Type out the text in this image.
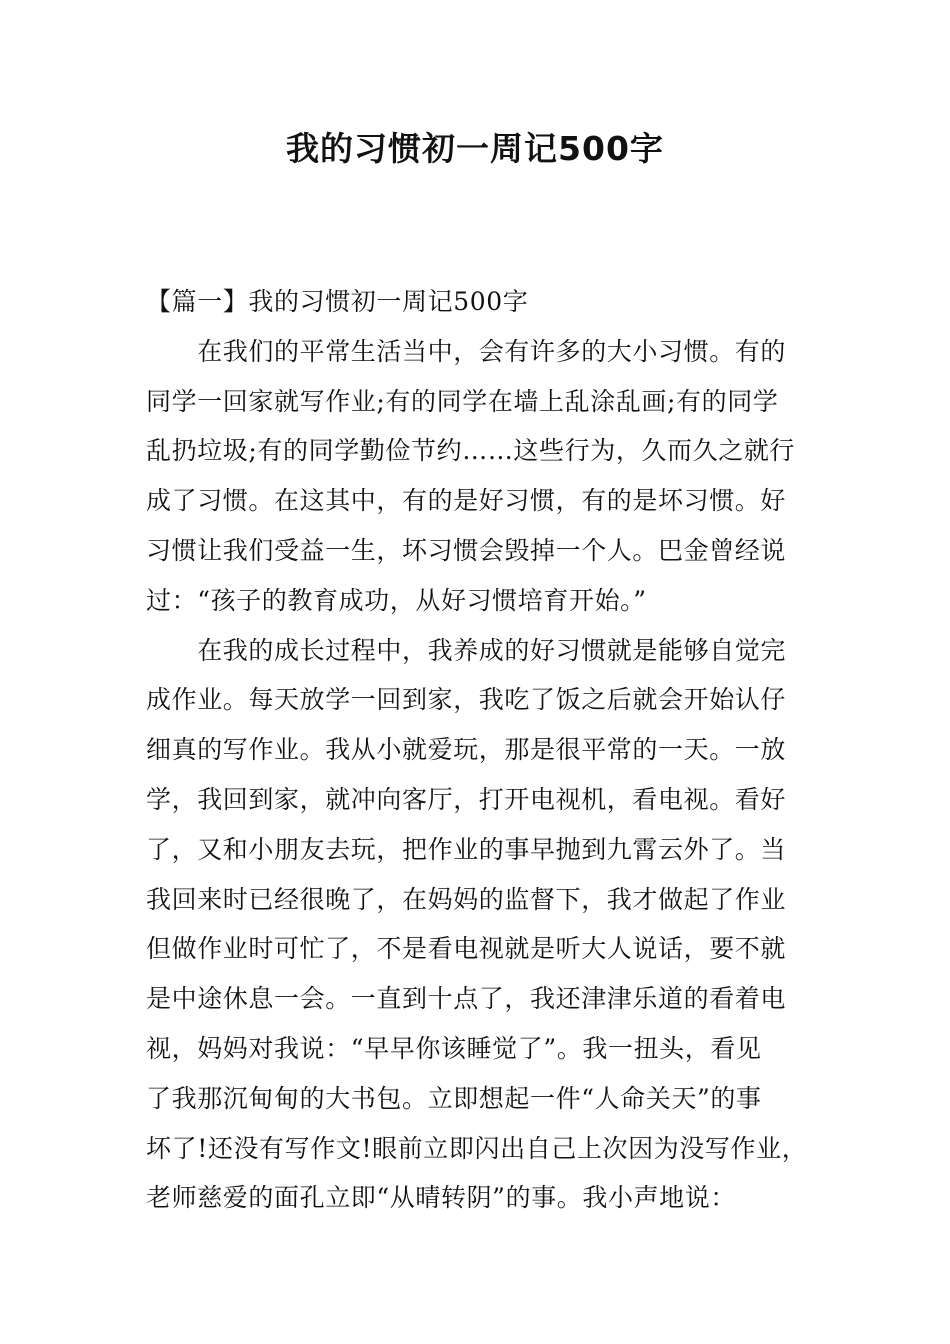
我的习惯初一周记500字

【篇一】我的习惯初一周记500字

　　在我们的平常生活当中，会有许多的大小习惯。有的
同学一回家就写作业;有的同学在墙上乱涂乱画;有的同学
乱扔垃圾;有的同学勤俭节约……这些行为，久而久之就行
成了习惯。在这其中，有的是好习惯，有的是坏习惯。好
习惯让我们受益一生，坏习惯会毁掉一个人。巴金曾经说
过：“孩子的教育成功，从好习惯培育开始。”

　　在我的成长过程中，我养成的好习惯就是能够自觉完
成作业。每天放学一回到家，我吃了饭之后就会开始认仔
细真的写作业。我从小就爱玩，那是很平常的一天。一放
学，我回到家，就冲向客厅，打开电视机，看电视。看好
了，又和小朋友去玩，把作业的事早抛到九霄云外了。当
我回来时已经很晚了，在妈妈的监督下，我才做起了作业
但做作业时可忙了，不是看电视就是听大人说话，要不就
是中途休息一会。一直到十点了，我还津津乐道的看着电
视，妈妈对我说：“早早你该睡觉了”。我一扭头，看见
了我那沉甸甸的大书包。立即想起一件“人命关天”的事
坏了!还没有写作文!眼前立即闪出自己上次因为没写作业，
老师慈爱的面孔立即“从晴转阴”的事。我小声地说：
